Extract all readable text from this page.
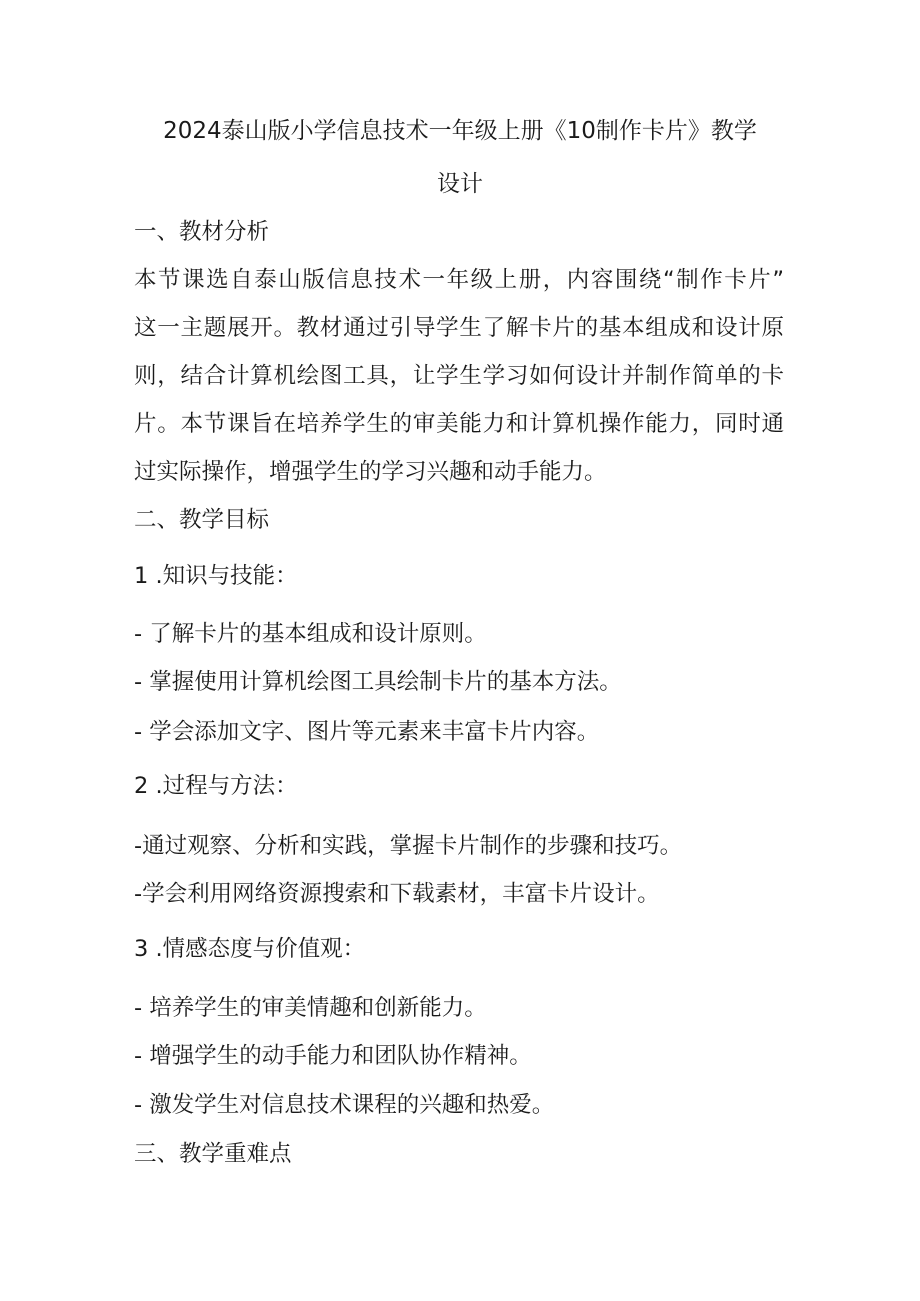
2024泰山版小学信息技术一年级上册《10制作卡片》教学
设计
一、教材分析
本节课选自泰山版信息技术一年级上册，内容围绕“制作卡片”
这一主题展开。教材通过引导学生了解卡片的基本组成和设计原
则，结合计算机绘图工具，让学生学习如何设计并制作简单的卡
片。本节课旨在培养学生的审美能力和计算机操作能力，同时通
过实际操作，增强学生的学习兴趣和动手能力。
二、教学目标
1 .知识与技能：
- 了解卡片的基本组成和设计原则。
- 掌握使用计算机绘图工具绘制卡片的基本方法。
- 学会添加文字、图片等元素来丰富卡片内容。
2 .过程与方法：
-通过观察、分析和实践，掌握卡片制作的步骤和技巧。
-学会利用网络资源搜索和下载素材，丰富卡片设计。
3 .情感态度与价值观：
- 培养学生的审美情趣和创新能力。
- 增强学生的动手能力和团队协作精神。
- 激发学生对信息技术课程的兴趣和热爱。
三、教学重难点
